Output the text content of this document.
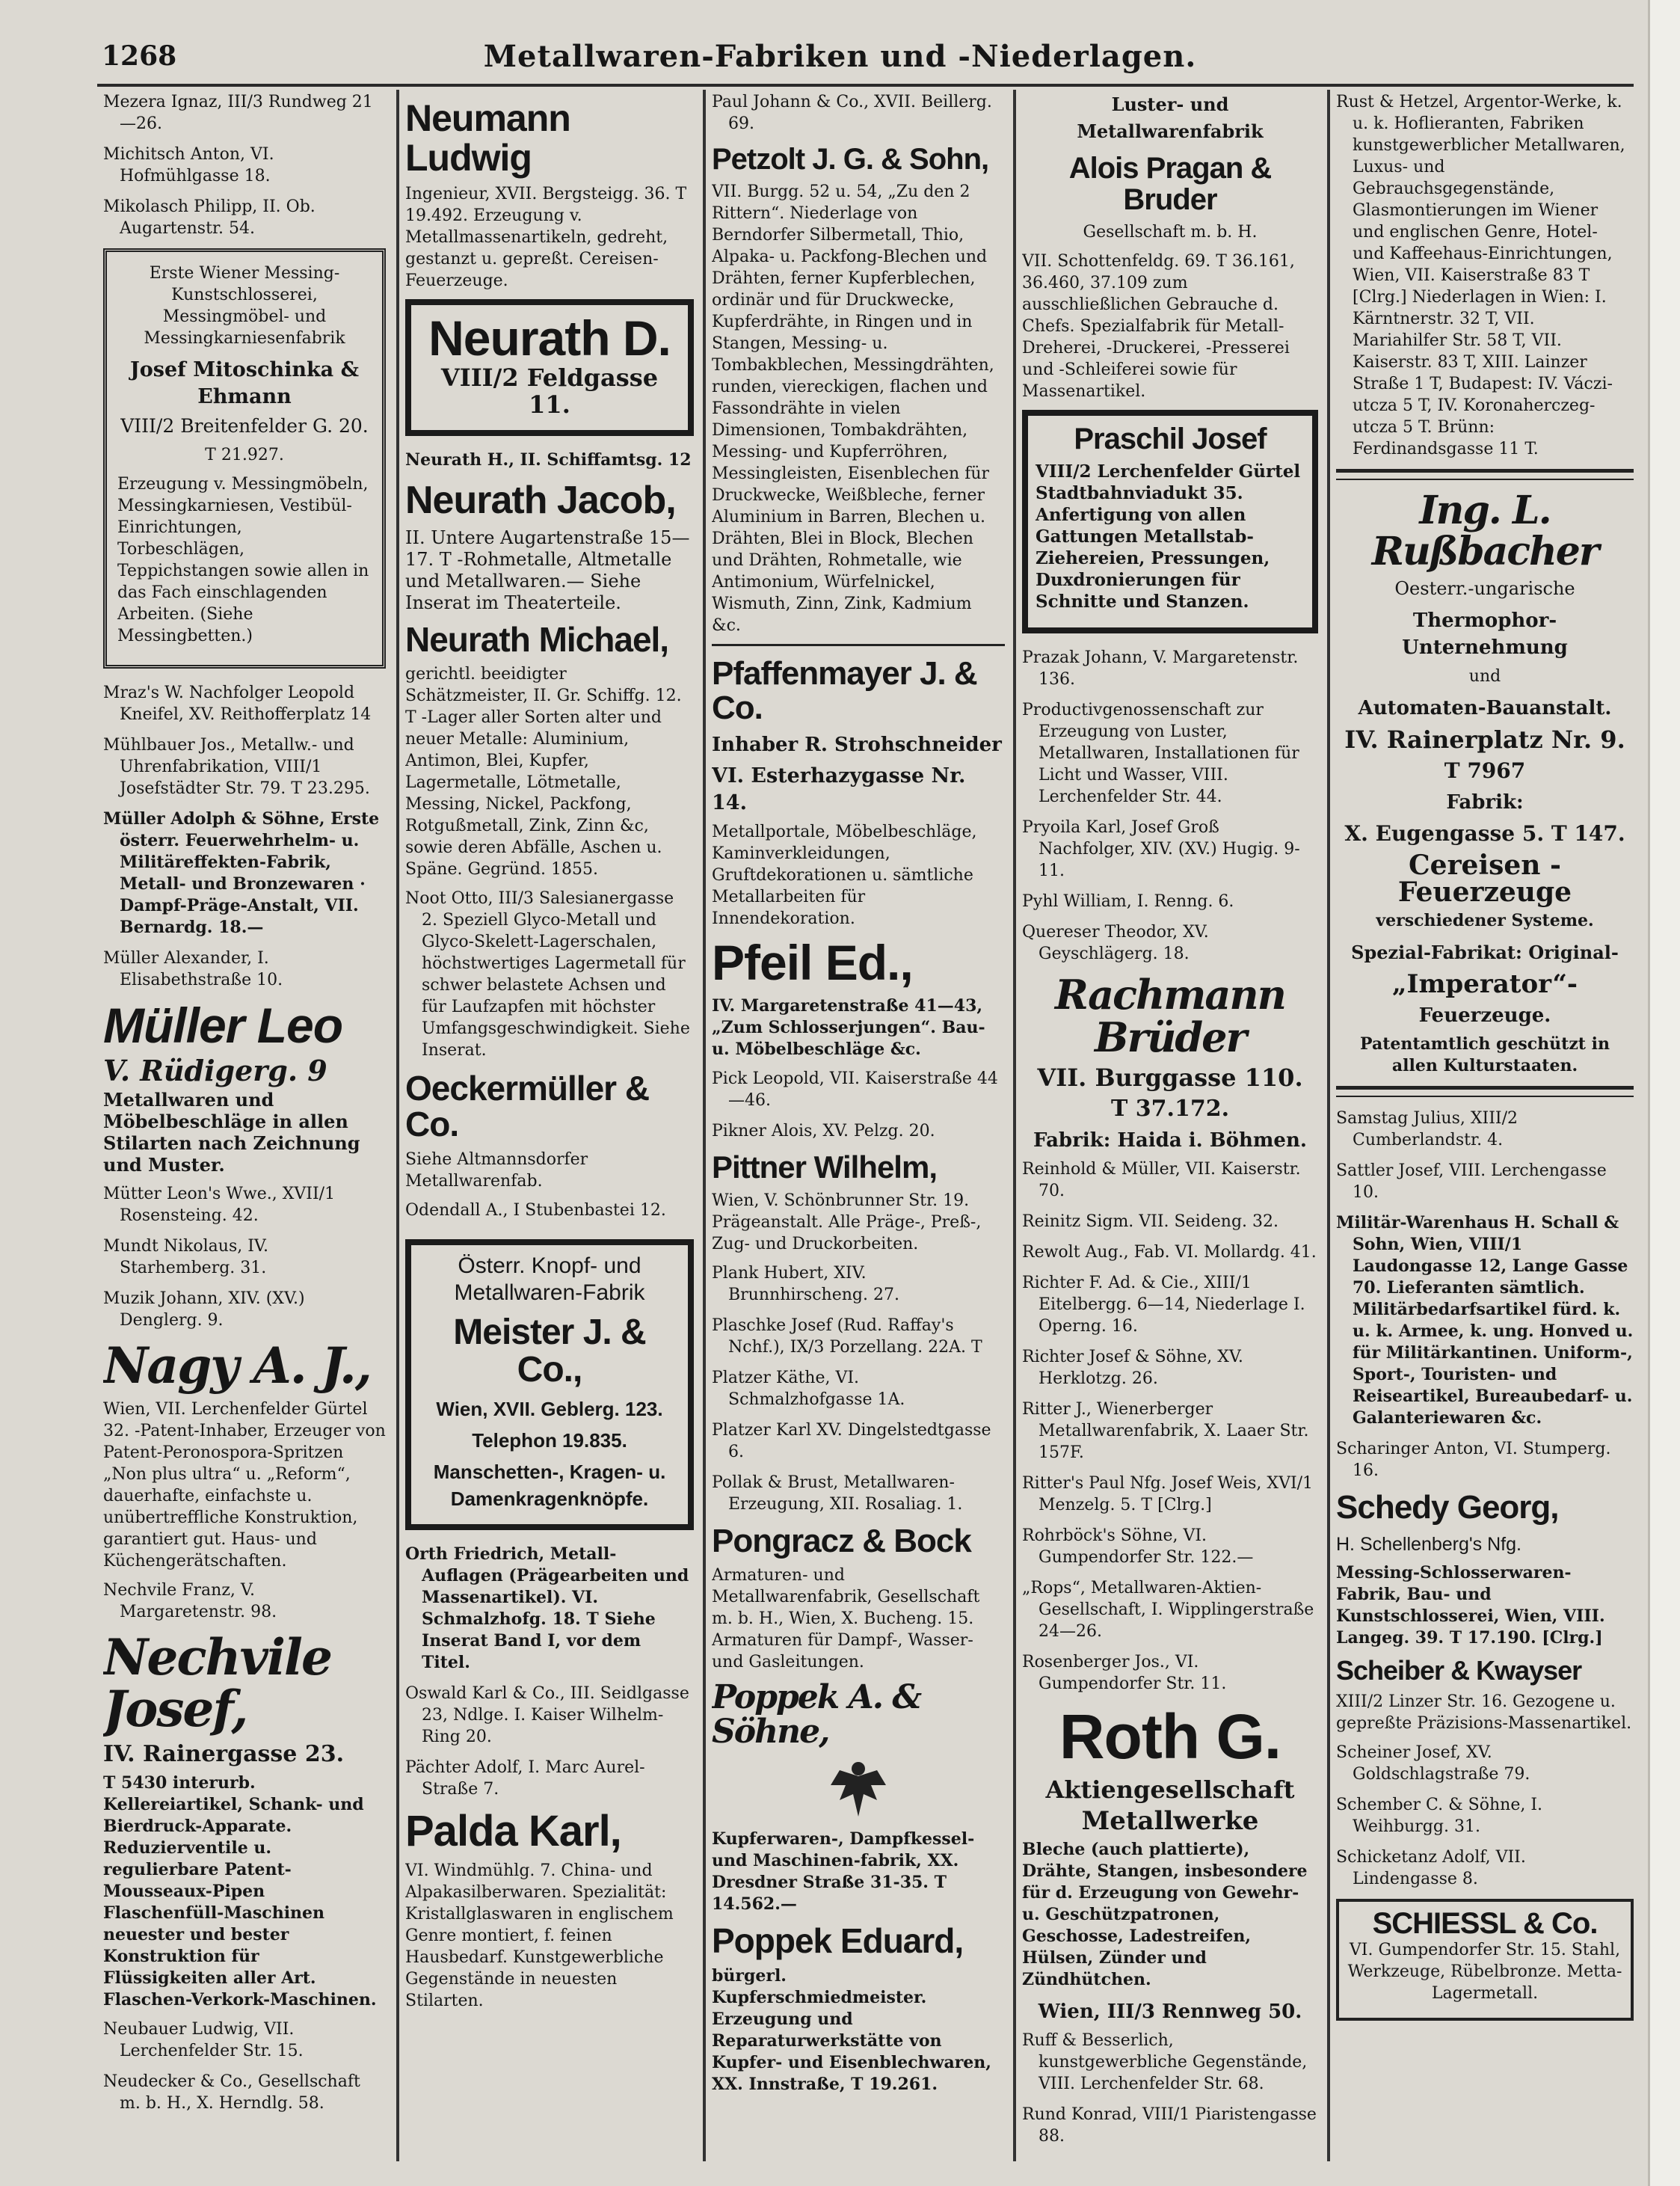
1268	Metallwaren-Fabriken und -Niederlagen.
Mezera Ignaz, III/3 Rundweg 21—26.
Michitsch Anton, VI. Hofmühlgasse 18.
Mikolasch Philipp, II. Ob. Augartenstr. 54.
Erste Wiener Messing-Kunstschlosserei, Messingmöbel- und Messingkarniesenfabrik
Josef Mitoschinka & Ehmann
VIII/2 Breitenfelder G. 20.
T 21.927.
Erzeugung v. Messingmöbeln, Messingkarniesen, Vestibül-Einrichtungen, Torbeschlägen, Teppichstangen sowie allen in das Fach einschlagenden Arbeiten. (Siehe Messingbetten.)
Mraz's W. Nachfolger Leopold Kneifel, XV. Reithofferplatz 14
Mühlbauer Jos., Metallw.- und Uhrenfabrikation, VIII/1 Josefstädter Str. 79. T 23.295.
Müller Adolph & Söhne, Erste österr. Feuerwehrhelm- u. Militäreffekten-Fabrik, Metall- und Bronzewaren · Dampf-Präge-Anstalt, VII. Bernardg. 18.—
Müller Alexander, I. Elisabethstraße 10.
Müller Leo
V. Rüdigerg. 9
Metallwaren und Möbelbeschläge in allen Stilarten nach Zeichnung und Muster.
Mütter Leon's Wwe., XVII/1 Rosensteing. 42.
Mundt Nikolaus, IV. Starhemberg. 31.
Muzik Johann, XIV. (XV.) Denglerg. 9.
Nagy A. J.,
Wien, VII. Lerchenfelder Gürtel 32. -Patent-Inhaber, Erzeuger von Patent-Peronospora-Spritzen „Non plus ultra“ u. „Reform“, dauerhafte, einfachste u. unübertreffliche Konstruktion, garantiert gut. Haus- und Küchengerätschaften.
Nechvile Franz, V. Margaretenstr. 98.
Nechvile Josef,
IV. Rainergasse 23.
T 5430 interurb. Kellereiartikel, Schank- und Bierdruck-Apparate. Reduzierventile u. regulierbare Patent-Mousseaux-Pipen Flaschenfüll-Maschinen neuester und bester Konstruktion für Flüssigkeiten aller Art. Flaschen-Verkork-Maschinen.
Neubauer Ludwig, VII. Lerchenfelder Str. 15.
Neudecker & Co., Gesellschaft m. b. H., X. Herndlg. 58.
Neumann Ludwig
Ingenieur, XVII. Bergsteigg. 36. T 19.492. Erzeugung v. Metallmassenartikeln, gedreht, gestanzt u. gepreßt. Cereisen-Feuerzeuge.
Neurath D.
VIII/2 Feldgasse 11.
Neurath H., II. Schiffamtsg. 12
Neurath Jacob,
II. Untere Augartenstraße 15—17. T -Rohmetalle, Altmetalle und Metallwaren.— Siehe Inserat im Theaterteile.
Neurath Michael,
gerichtl. beeidigter Schätzmeister, II. Gr. Schiffg. 12. T -Lager aller Sorten alter und neuer Metalle: Aluminium, Antimon, Blei, Kupfer, Lagermetalle, Lötmetalle, Messing, Nickel, Packfong, Rotgußmetall, Zink, Zinn &c, sowie deren Abfälle, Aschen u. Späne. Gegründ. 1855.
Noot Otto, III/3 Salesianergasse 2. Speziell Glyco-Metall und Glyco-Skelett-Lagerschalen, höchstwertiges Lagermetall für schwer belastete Achsen und für Laufzapfen mit höchster Umfangsgeschwindigkeit. Siehe Inserat.
Oeckermüller & Co.
Siehe Altmannsdorfer Metallwarenfab.
Odendall A., I Stubenbastei 12.
Österr. Knopf- und Metallwaren-Fabrik
Meister J. & Co.,
Wien, XVII. Geblerg. 123.
Telephon 19.835.
Manschetten-, Kragen- u. Damenkragenknöpfe.
Orth Friedrich, Metall-Auflagen (Prägearbeiten und Massenartikel). VI. Schmalzhofg. 18. T Siehe Inserat Band I, vor dem Titel.
Oswald Karl & Co., III. Seidlgasse 23, Ndlge. I. Kaiser Wilhelm-Ring 20.
Pächter Adolf, I. Marc Aurel-Straße 7.
Palda Karl,
VI. Windmühlg. 7. China- und Alpakasilberwaren. Spezialität: Kristallglaswaren in englischem Genre montiert, f. feinen Hausbedarf. Kunstgewerbliche Gegenstände in neuesten Stilarten.
Paul Johann & Co., XVII. Beillerg. 69.
Petzolt J. G. & Sohn,
VII. Burgg. 52 u. 54, „Zu den 2 Rittern“. Niederlage von Berndorfer Silbermetall, Thio, Alpaka- u. Packfong-Blechen und Drähten, ferner Kupferblechen, ordinär und für Druckwecke, Kupferdrähte, in Ringen und in Stangen, Messing- u. Tombakblechen, Messingdrähten, runden, viereckigen, flachen und Fassondrähte in vielen Dimensionen, Tombakdrähten, Messing- und Kupferröhren, Messingleisten, Eisenblechen für Druckwecke, Weißbleche, ferner Aluminium in Barren, Blechen u. Drähten, Blei in Block, Blechen und Drähten, Rohmetalle, wie Antimonium, Würfelnickel, Wismuth, Zinn, Zink, Kadmium &c.
Pfaffenmayer J. & Co.
Inhaber R. Strohschneider
VI. Esterhazygasse Nr. 14.
Metallportale, Möbelbeschläge, Kaminverkleidungen, Gruftdekorationen u. sämtliche Metallarbeiten für Innendekoration.
Pfeil Ed.,
IV. Margaretenstraße 41—43, „Zum Schlosserjungen“. Bau- u. Möbelbeschläge &c.
Pick Leopold, VII. Kaiserstraße 44—46.
Pikner Alois, XV. Pelzg. 20.
Pittner Wilhelm,
Wien, V. Schönbrunner Str. 19. Prägeanstalt. Alle Präge-, Preß-, Zug- und Druckorbeiten.
Plank Hubert, XIV. Brunnhirscheng. 27.
Plaschke Josef (Rud. Raffay's Nchf.), IX/3 Porzellang. 22A. T
Platzer Käthe, VI. Schmalzhofgasse 1A.
Platzer Karl XV. Dingelstedtgasse 6.
Pollak & Brust, Metallwaren-Erzeugung, XII. Rosaliag. 1.
Pongracz & Bock
Armaturen- und Metallwarenfabrik, Gesellschaft m. b. H., Wien, X. Bucheng. 15. Armaturen für Dampf-, Wasser- und Gasleitungen.
Poppek A. & Söhne,
Kupferwaren-, Dampfkessel- und Maschinen-fabrik, XX. Dresdner Straße 31-35. T 14.562.—
Poppek Eduard,
bürgerl. Kupferschmiedmeister. Erzeugung und Reparaturwerkstätte von Kupfer- und Eisenblechwaren, XX. Innstraße, T 19.261.
Luster- und Metallwarenfabrik
Alois Pragan & Bruder
Gesellschaft m. b. H.
VII. Schottenfeldg. 69. T 36.161, 36.460, 37.109 zum ausschließlichen Gebrauche d. Chefs. Spezialfabrik für Metall-Dreherei, -Druckerei, -Presserei und -Schleiferei sowie für Massenartikel.
Praschil Josef
VIII/2 Lerchenfelder Gürtel Stadtbahnviadukt 35. Anfertigung von allen Gattungen Metallstab-Ziehereien, Pressungen, Duxdronierungen für Schnitte und Stanzen.
Prazak Johann, V. Margaretenstr. 136.
Productivgenossenschaft zur Erzeugung von Luster, Metallwaren, Installationen für Licht und Wasser, VIII. Lerchenfelder Str. 44.
Pryoila Karl, Josef Groß Nachfolger, XIV. (XV.) Hugig. 9-11.
Pyhl William, I. Renng. 6.
Quereser Theodor, XV. Geyschlägerg. 18.
Rachmann Brüder
VII. Burggasse 110.
T 37.172.
Fabrik: Haida i. Böhmen.
Reinhold & Müller, VII. Kaiserstr. 70.
Reinitz Sigm. VII. Seideng. 32.
Rewolt Aug., Fab. VI. Mollardg. 41.
Richter F. Ad. & Cie., XIII/1 Eitelbergg. 6—14, Niederlage I. Operng. 16.
Richter Josef & Söhne, XV. Herklotzg. 26.
Ritter J., Wienerberger Metallwarenfabrik, X. Laaer Str. 157F.
Ritter's Paul Nfg. Josef Weis, XVI/1 Menzelg. 5. T [Clrg.]
Rohrböck's Söhne, VI. Gumpendorfer Str. 122.—
„Rops“, Metallwaren-Aktien-Gesellschaft, I. Wipplingerstraße 24—26.
Rosenberger Jos., VI. Gumpendorfer Str. 11.
Roth G.
Aktiengesellschaft
Metallwerke
Bleche (auch plattierte), Drähte, Stangen, insbesondere für d. Erzeugung von Gewehr- u. Geschützpatronen, Geschosse, Ladestreifen, Hülsen, Zünder und Zündhütchen.
Wien, III/3 Rennweg 50.
Ruff & Besserlich, kunstgewerbliche Gegenstände, VIII. Lerchenfelder Str. 68.
Rund Konrad, VIII/1 Piaristengasse 88.
Rust & Hetzel, Argentor-Werke, k. u. k. Hoflieranten, Fabriken kunstgewerblicher Metallwaren, Luxus- und Gebrauchsgegenstände, Glasmontierungen im Wiener und englischen Genre, Hotel- und Kaffeehaus-Einrichtungen, Wien, VII. Kaiserstraße 83 T [Clrg.] Niederlagen in Wien: I. Kärntnerstr. 32 T, VII. Mariahilfer Str. 58 T, VII. Kaiserstr. 83 T, XIII. Lainzer Straße 1 T, Budapest: IV. Váczi-utcza 5 T, IV. Koronaherczeg-utcza 5 T. Brünn: Ferdinandsgasse 11 T.
Ing. L. Rußbacher
Oesterr.-ungarische
Thermophor-Unternehmung
und
Automaten-Bauanstalt.
IV. Rainerplatz Nr. 9.
T 7967
Fabrik:
X. Eugengasse 5. T 147.
Cereisen - Feuerzeuge
verschiedener Systeme.
Spezial-Fabrikat: Original-
„Imperator“-
Feuerzeuge.
Patentamtlich geschützt in allen Kulturstaaten.
Samstag Julius, XIII/2 Cumberlandstr. 4.
Sattler Josef, VIII. Lerchengasse 10.
Militär-Warenhaus H. Schall & Sohn, Wien, VIII/1 Laudongasse 12, Lange Gasse 70. Lieferanten sämtlich. Militärbedarfsartikel fürd. k. u. k. Armee, k. ung. Honved u. für Militärkantinen. Uniform-, Sport-, Touristen- und Reiseartikel, Bureaubedarf- u. Galanteriewaren &c.
Scharinger Anton, VI. Stumperg. 16.
Schedy Georg,
H. Schellenberg's Nfg.
Messing-Schlosserwaren-Fabrik, Bau- und Kunstschlosserei, Wien, VIII. Langeg. 39. T 17.190. [Clrg.]
Scheiber & Kwayser
XIII/2 Linzer Str. 16. Gezogene u. gepreßte Präzisions-Massenartikel.
Scheiner Josef, XV. Goldschlagstraße 79.
Schember C. & Söhne, I. Weihburgg. 31.
Schicketanz Adolf, VII. Lindengasse 8.
SCHIESSL & Co.
VI. Gumpendorfer Str. 15. Stahl, Werkzeuge, Rübelbronze. Metta-Lagermetall.
